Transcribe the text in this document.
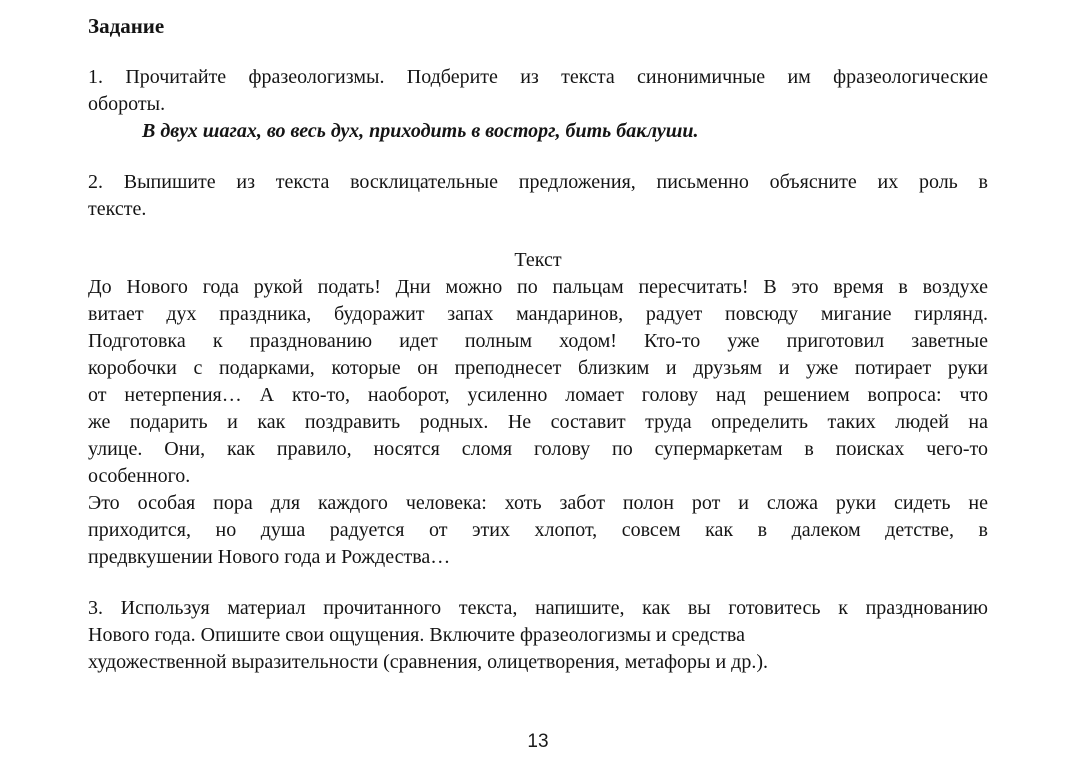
Задание
1. Прочитайте фразеологизмы. Подберите из текста синонимичные им фразеологические
обороты.
В двух шагах, во весь дух, приходить в восторг, бить баклуши.
2. Выпишите из текста восклицательные предложения, письменно объясните их роль в
тексте.
Текст
До Нового года рукой подать! Дни можно по пальцам пересчитать! В это время в воздухе
витает дух праздника, будоражит запах мандаринов, радует повсюду мигание гирлянд.
Подготовка к празднованию идет полным ходом! Кто-то уже приготовил заветные
коробочки с подарками, которые он преподнесет близким и друзьям и уже потирает руки
от нетерпения… А кто-то, наоборот, усиленно ломает голову над решением вопроса: что
же подарить и как поздравить родных. Не составит труда определить таких людей на
улице. Они, как правило, носятся сломя голову по супермаркетам в поисках чего-то
особенного.
Это особая пора для каждого человека: хоть забот полон рот и сложа руки сидеть не
приходится, но душа радуется от этих хлопот, совсем как в далеком детстве, в
предвкушении Нового года и Рождества…
3. Используя материал прочитанного текста, напишите, как вы готовитесь к празднованию
Нового года. Опишите свои ощущения. Включите фразеологизмы и средства
художественной выразительности (сравнения, олицетворения, метафоры и др.).
13
